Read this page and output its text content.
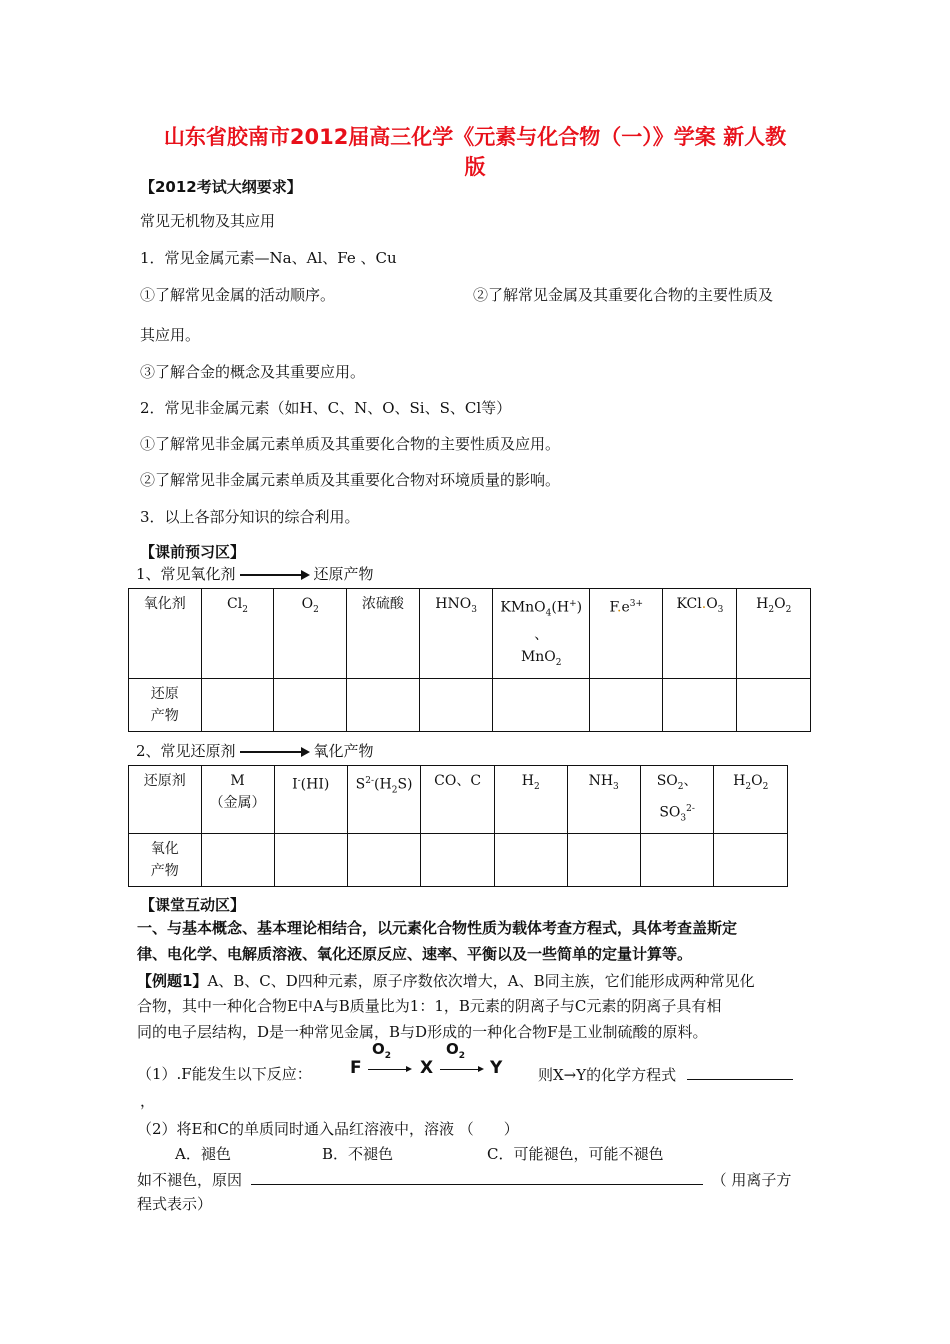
山东省胶南市2012届高三化学《元素与化合物（一）》学案 新人教
版
【2012考试大纲要求】
常见无机物及其应用
1．常见金属元素—Na、Al、Fe 、Cu
①了解常见金属的活动顺序。	②了解常见金属及其重要化合物的主要性质及
其应用。
③了解合金的概念及其重要应用。
2．常见非金属元素（如H、C、N、O、Si、S、Cl等）
①了解常见非金属元素单质及其重要化合物的主要性质及应用。
②了解常见非金属元素单质及其重要化合物对环境质量的影响。
3．以上各部分知识的综合利用。
【课前预习区】
1、常见氧化剂	还原产物
氧化剂	$Cl_2$	$O_2$	浓硫酸	$HNO_3$	KMnO$_4$(H+)
、
MnO$_2$	$F.e^{3+}$	$KCl.O_3$	$H_2O_2$
还原
产物								
2、常见还原剂	氧化产物
还原剂	M
（金属）	I-(HI)	$S^{2-}(H_2S)$	CO、C	$H_2$	$NH_3$	$SO_2$、
$SO_3^{2-}$	$H_2O_2$
氧化
产物								
【课堂互动区】
一、与基本概念、基本理论相结合，以元素化合物性质为载体考查方程式，具体考查盖斯定
律、电化学、电解质溶液、氧化还原反应、速率、平衡以及一些简单的定量计算等。
【例题1】A、B、C、D四种元素，原子序数依次增大，A、B同主族，它们能形成两种常见化
合物，其中一种化合物E中A与B质量比为1：1，B元素的阴离子与C元素的阴离子具有相
同的电子层结构，D是一种常见金属，B与D形成的一种化合物F是工业制硫酸的原料。
（1）.F能发生以下反应： F
$O_2$
X
$O_2$
Y 则X→Y的化学方程式
，
（2）将E和C的单质同时通入品红溶液中，溶液 （　　）
A．褪色	B．不褪色	C．可能褪色，可能不褪色
如不褪色，原因	（ 用离子方
程式表示）
